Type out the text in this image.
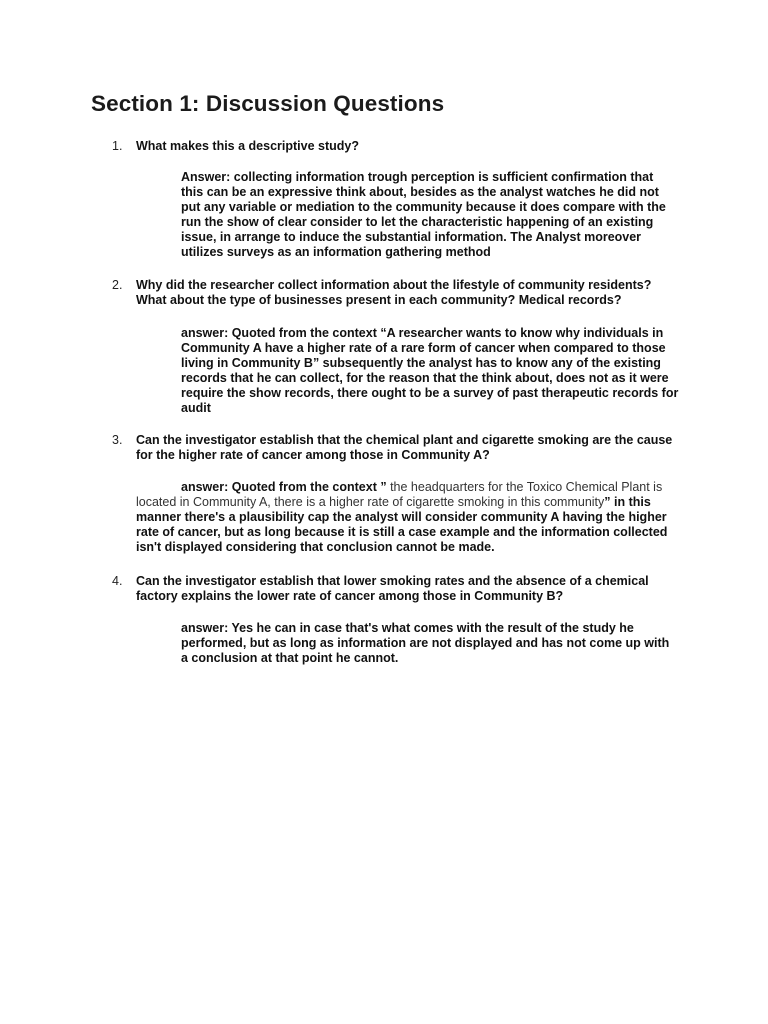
Section 1: Discussion Questions
1. What makes this a descriptive study?

Answer: collecting information trough perception is sufficient confirmation that this can be an expressive think about, besides as the analyst watches he did not put any variable or mediation to the community because it does compare with the run the show of clear consider to let the characteristic happening of an existing issue, in arrange to induce the substantial information. The Analyst moreover utilizes surveys as an information gathering method

2. Why did the researcher collect information about the lifestyle of community residents? What about the type of businesses present in each community? Medical records?

answer: Quoted from the context “A researcher wants to know why individuals in Community A have a higher rate of a rare form of cancer when compared to those living in Community B” subsequently the analyst has to know any of the existing records that he can collect, for the reason that the think about, does not as it were require the show records, there ought to be a survey of past therapeutic records for audit

3. Can the investigator establish that the chemical plant and cigarette smoking are the cause for the higher rate of cancer among those in Community A?

answer: Quoted from the context ” the headquarters for the Toxico Chemical Plant is located in Community A, there is a higher rate of cigarette smoking in this community” in this manner there's a plausibility cap the analyst will consider community A having the higher rate of cancer, but as long because it is still a case example and the information collected isn't displayed considering that conclusion cannot be made.

4. Can the investigator establish that lower smoking rates and the absence of a chemical factory explains the lower rate of cancer among those in Community B?

answer: Yes he can in case that's what comes with the result of the study he performed, but as long as information are not displayed and has not come up with a conclusion at that point he cannot.
